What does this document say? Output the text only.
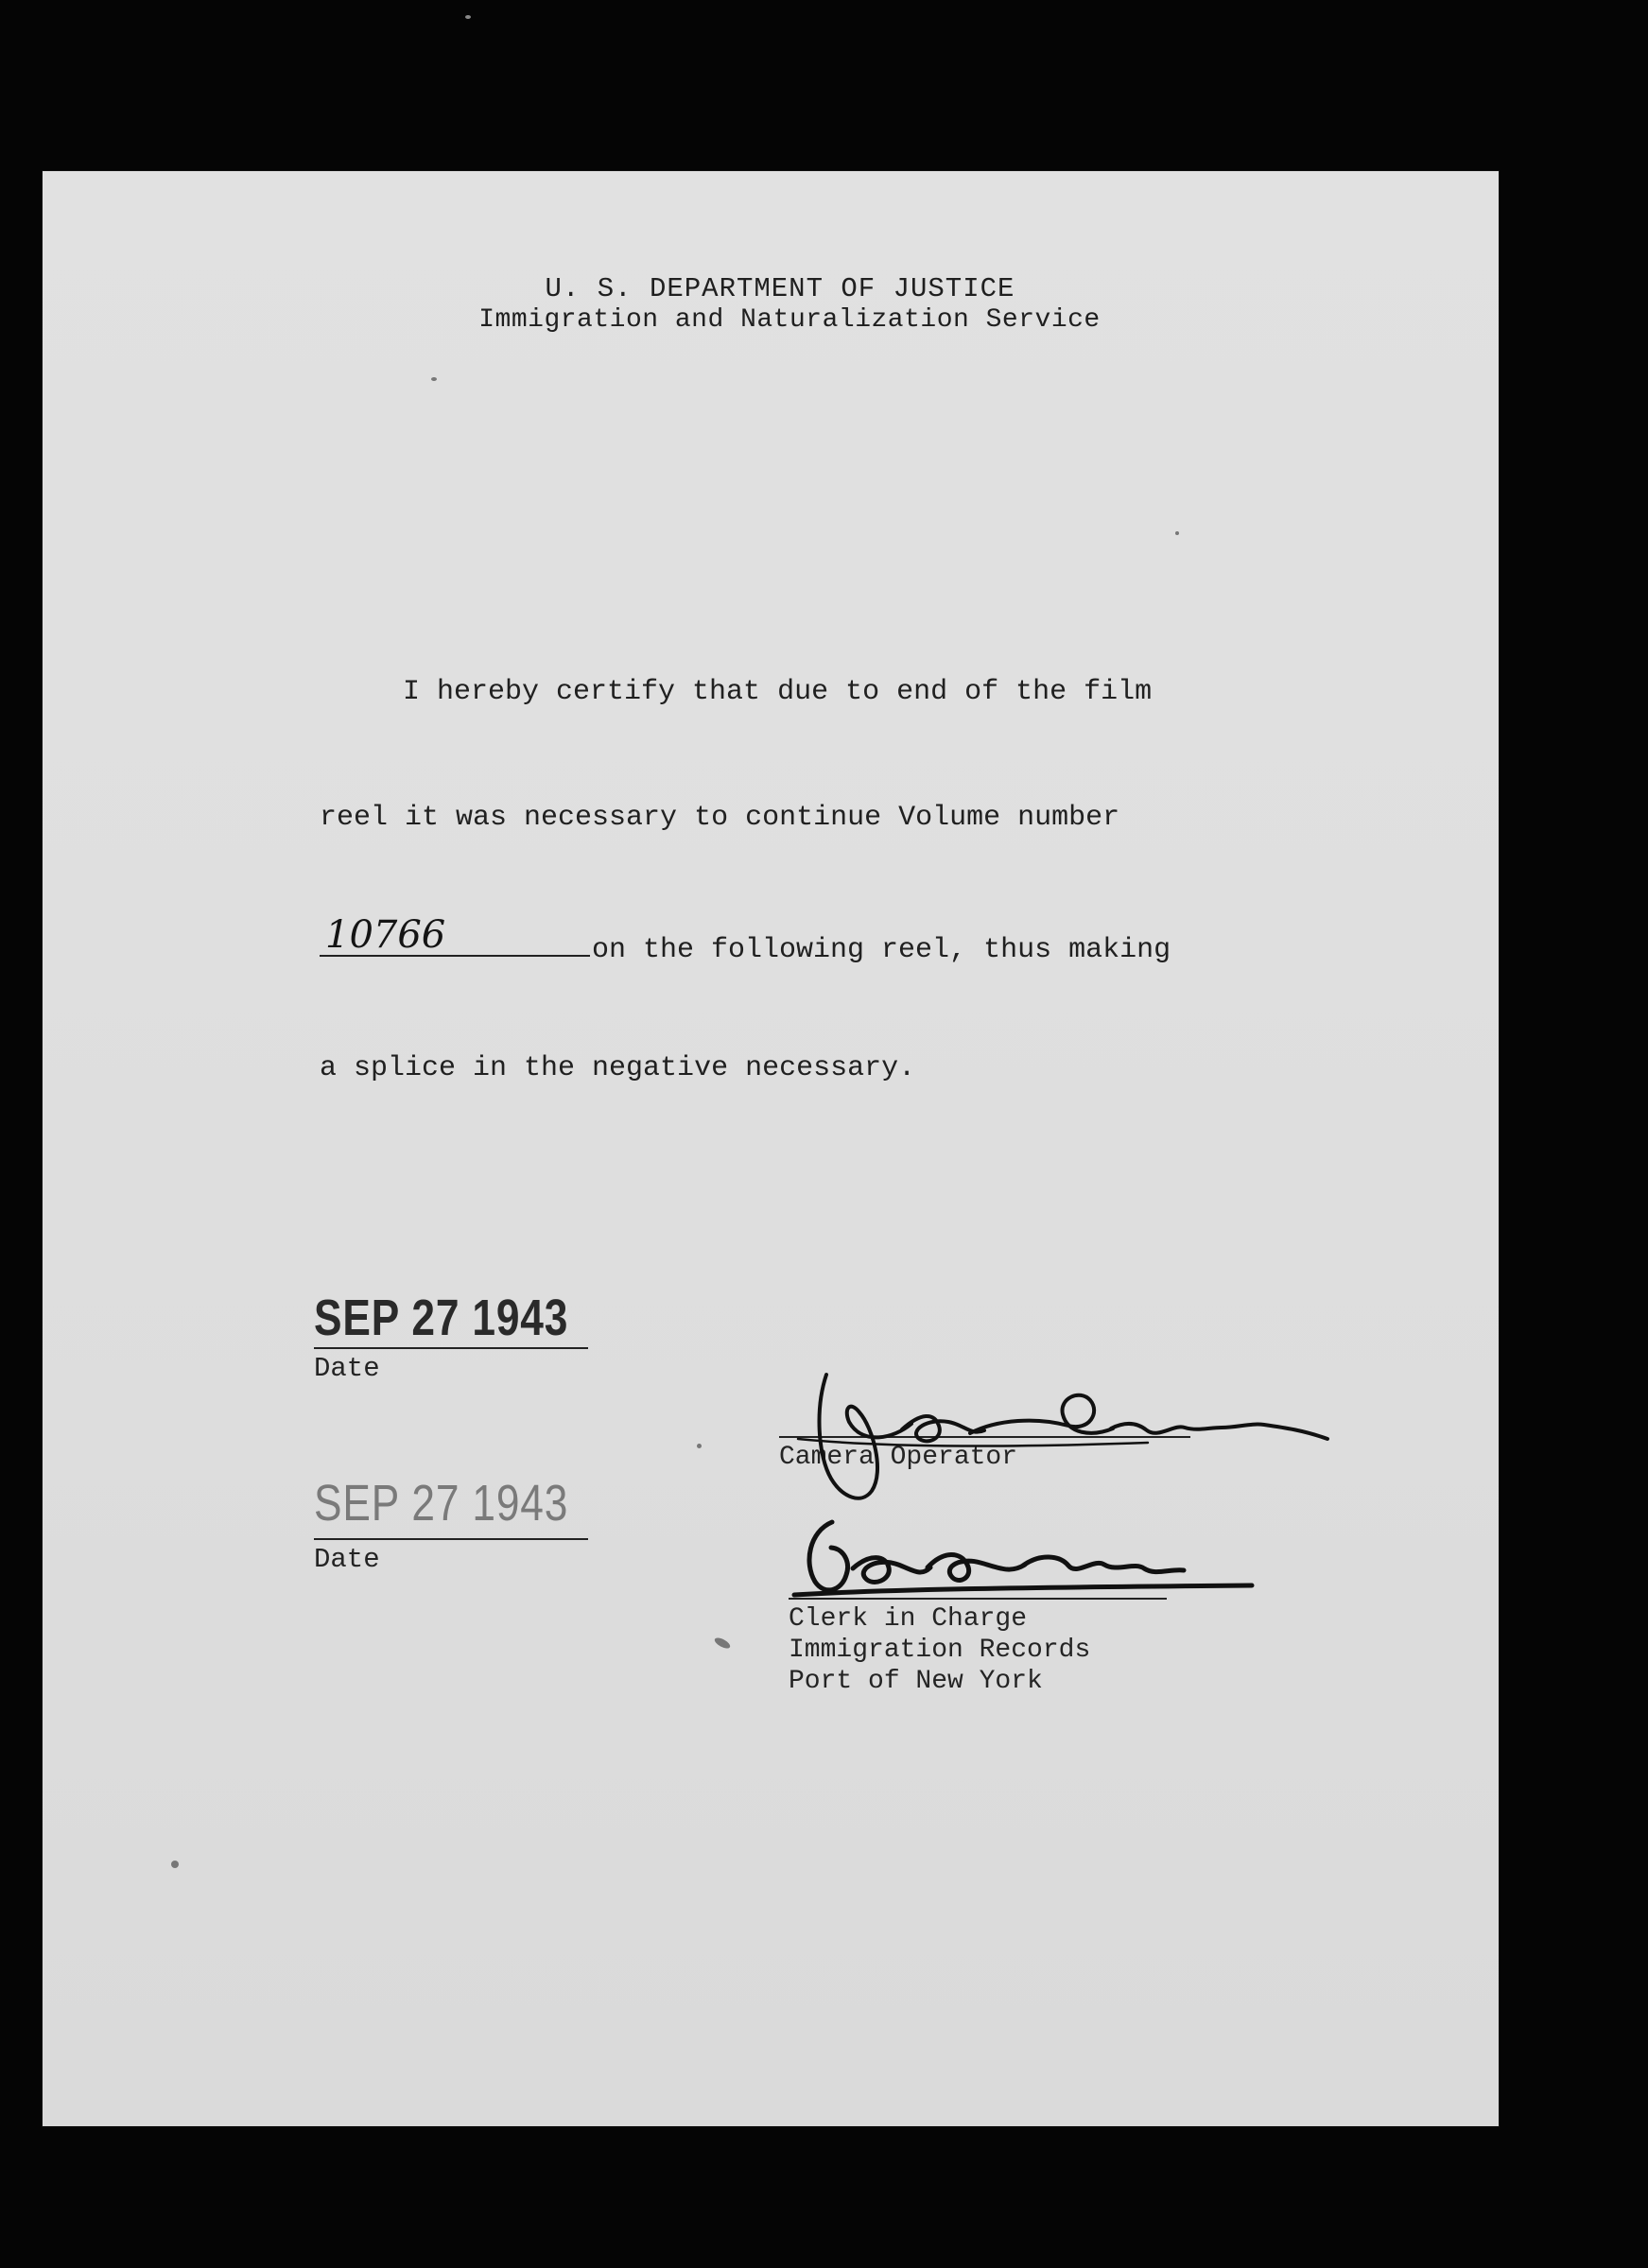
U. S. DEPARTMENT OF JUSTICE
Immigration and Naturalization Service
I hereby certify that due to end of the film
reel it was necessary to continue Volume number
10766	on the following reel, thus making
a splice in the negative necessary.
SEP 27 1943
Date
Camera Operator
SEP 27 1943
Date
Clerk in Charge
Immigration Records
Port of New York
